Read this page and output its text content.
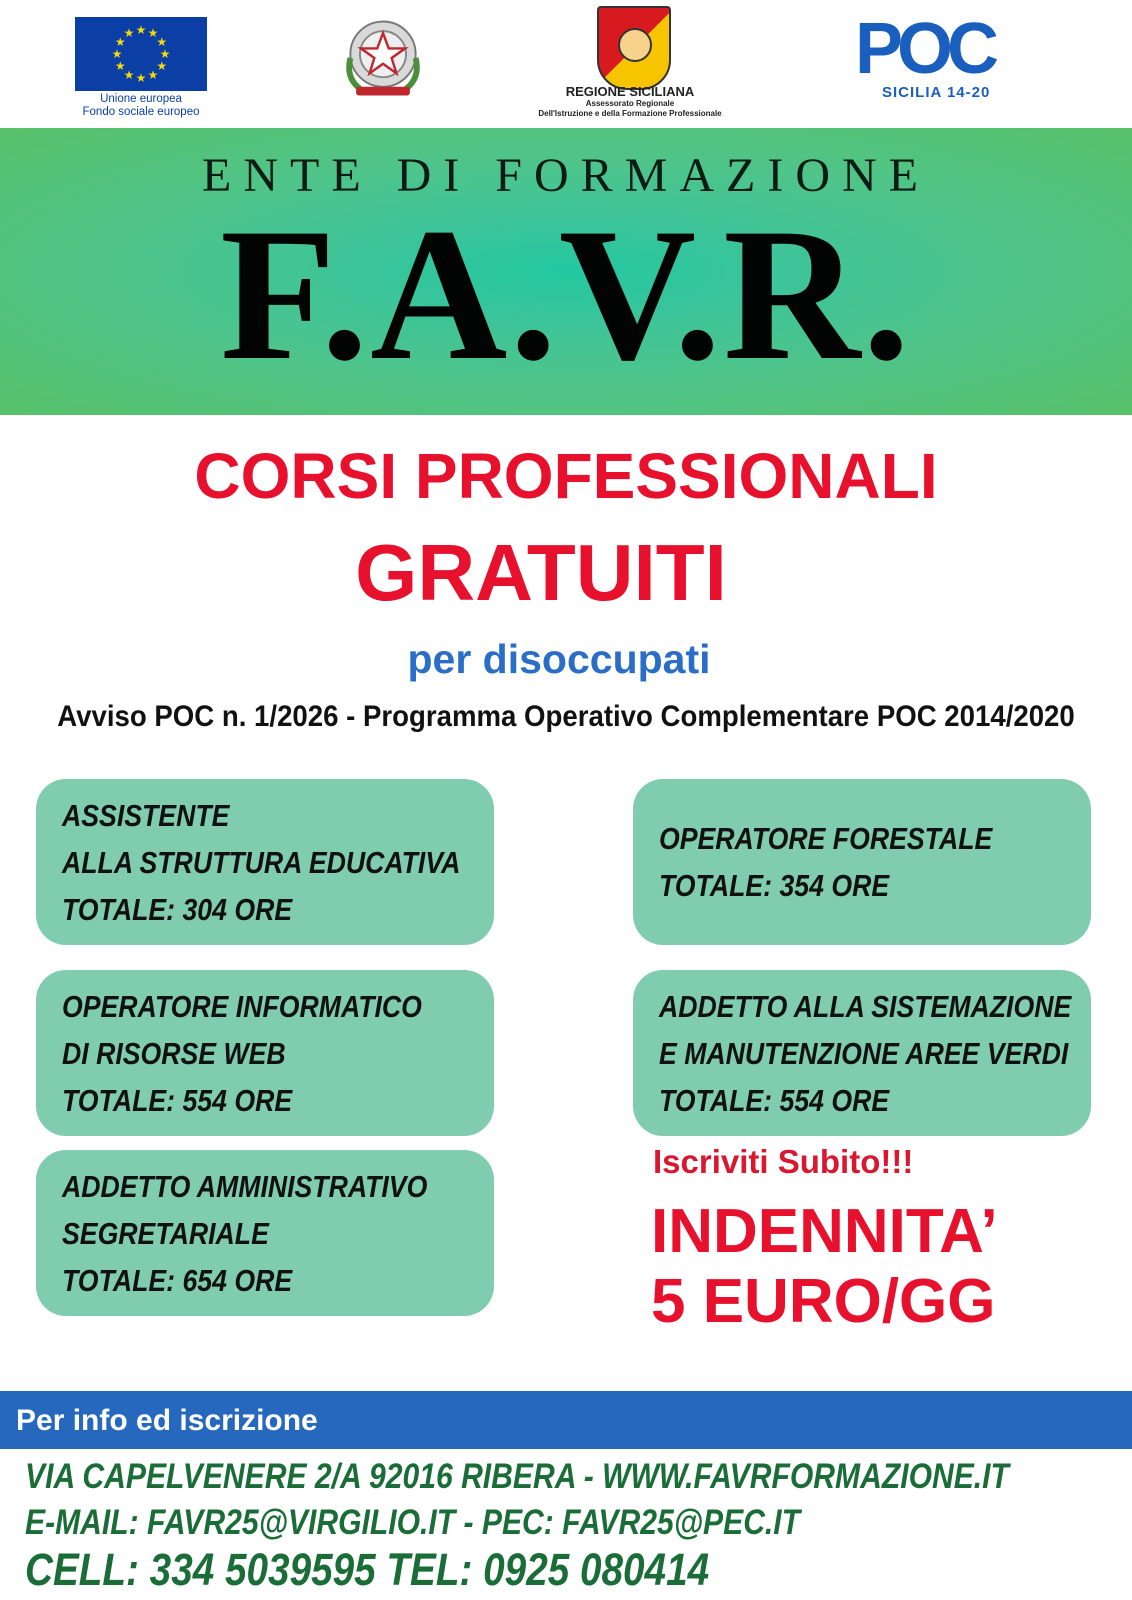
★ ★
★
★
★
★
★
★
★
★
★
★
Unione europea
Fondo sociale europeo
REGIONE SICILIANA
Assessorato Regionale
Dell'Istruzione e della Formazione Professionale
POC
SICILIA 14-20
ENTE DI FORMAZIONE
F.A.V.R.
CORSI PROFESSIONALI
GRATUITI
per disoccupati
Avviso POC n. 1/2026 - Programma Operativo Complementare POC 2014/2020
ASSISTENTE
ALLA STRUTTURA EDUCATIVA
TOTALE: 304 ORE
OPERATORE FORESTALE
TOTALE: 354 ORE
OPERATORE INFORMATICO
DI RISORSE WEB
TOTALE: 554 ORE
ADDETTO ALLA SISTEMAZIONE
E MANUTENZIONE AREE VERDI
TOTALE: 554 ORE
ADDETTO AMMINISTRATIVO
SEGRETARIALE
TOTALE: 654 ORE
Iscriviti Subito!!!
INDENNITA’
5 EURO/GG
Per info ed iscrizione
VIA CAPELVENERE 2/A 92016 RIBERA - WWW.FAVRFORMAZIONE.IT
E-MAIL: FAVR25@VIRGILIO.IT - PEC: FAVR25@PEC.IT
CELL: 334 5039595 TEL: 0925 080414
